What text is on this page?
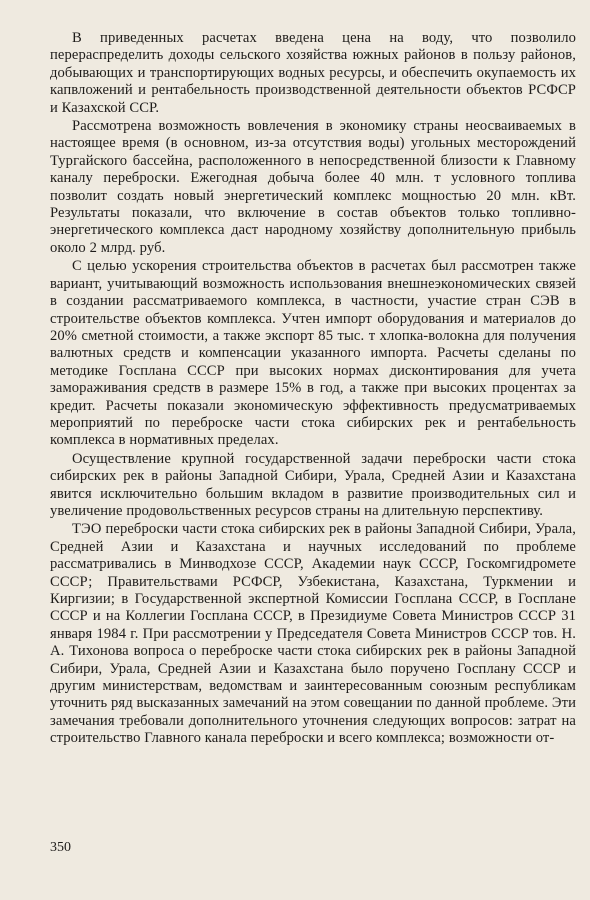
В приведенных расчетах введена цена на воду, что позволило перераспределить доходы сельского хозяйства южных районов в пользу районов, добывающих и транспортирующих водных ресурсы, и обеспечить окупаемость их капвложений и рентабельность производственной деятельности объектов РСФСР и Казахской ССР.

Рассмотрена возможность вовлечения в экономику страны неосваиваемых в настоящее время (в основном, из-за отсутствия воды) угольных месторождений Тургайского бассейна, расположенного в непосредственной близости к Главному каналу переброски. Ежегодная добыча более 40 млн. т условного топлива позволит создать новый энергетический комплекс мощностью 20 млн. кВт. Результаты показали, что включение в состав объектов только топливно-энергетического комплекса даст народному хозяйству дополнительную прибыль около 2 млрд. руб.

С целью ускорения строительства объектов в расчетах был рассмотрен также вариант, учитывающий возможность использования внешнеэкономических связей в создании рассматриваемого комплекса, в частности, участие стран СЭВ в строительстве объектов комплекса. Учтен импорт оборудования и материалов до 20% сметной стоимости, а также экспорт 85 тыс. т хлопка-волокна для получения валютных средств и компенсации указанного импорта. Расчеты сделаны по методике Госплана СССР при высоких нормах дисконтирования для учета замораживания средств в размере 15% в год, а также при высоких процентах за кредит. Расчеты показали экономическую эффективность предусматриваемых мероприятий по переброске части стока сибирских рек и рентабельность комплекса в нормативных пределах.

Осуществление крупной государственной задачи переброски части стока сибирских рек в районы Западной Сибири, Урала, Средней Азии и Казахстана явится исключительно большим вкладом в развитие производительных сил и увеличение продовольственных ресурсов страны на длительную перспективу.

ТЭО переброски части стока сибирских рек в районы Западной Сибири, Урала, Средней Азии и Казахстана и научных исследований по проблеме рассматривались в Минводхозе СССР, Академии наук СССР, Госкомгидромете СССР; Правительствами РСФСР, Узбекистана, Казахстана, Туркмении и Киргизии; в Государственной экспертной Комиссии Госплана СССР, в Госплане СССР и на Коллегии Госплана СССР, в Президиуме Совета Министров СССР 31 января 1984 г. При рассмотрении у Председателя Совета Министров СССР тов. Н. А. Тихонова вопроса о переброске части стока сибирских рек в районы Западной Сибири, Урала, Средней Азии и Казахстана было поручено Госплану СССР и другим министерствам, ведомствам и заинтересованным союзным республикам уточнить ряд высказанных замечаний на этом совещании по данной проблеме. Эти замечания требовали дополнительного уточнения следующих вопросов: затрат на строительство Главного канала переброски и всего комплекса; возможности от-

350
